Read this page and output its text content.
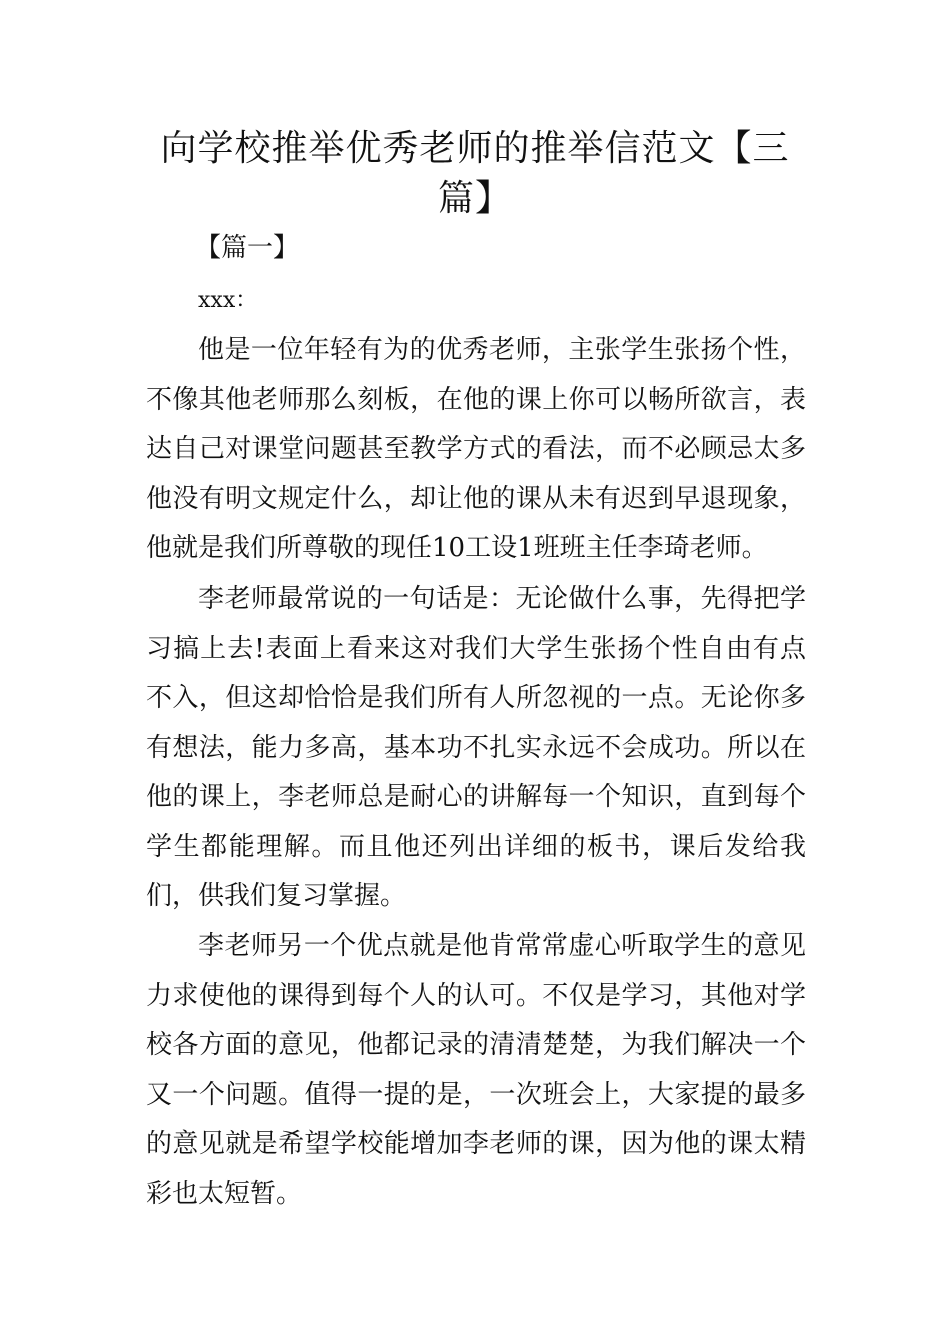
向学校推举优秀老师的推举信范文【三篇】

【篇一】

xxx：

他是一位年轻有为的优秀老师，主张学生张扬个性，不像其他老师那么刻板，在他的课上你可以畅所欲言，表达自己对课堂问题甚至教学方式的看法，而不必顾忌太多他没有明文规定什么，却让他的课从未有迟到早退现象，他就是我们所尊敬的现任10工设1班班主任李琦老师。

李老师最常说的一句话是：无论做什么事，先得把学习搞上去!表面上看来这对我们大学生张扬个性自由有点不入，但这却恰恰是我们所有人所忽视的一点。无论你多有想法，能力多高，基本功不扎实永远不会成功。所以在他的课上，李老师总是耐心的讲解每一个知识，直到每个学生都能理解。而且他还列出详细的板书，课后发给我们，供我们复习掌握。

李老师另一个优点就是他肯常常虚心听取学生的意见力求使他的课得到每个人的认可。不仅是学习，其他对学校各方面的意见，他都记录的清清楚楚，为我们解决一个又一个问题。值得一提的是，一次班会上，大家提的最多的意见就是希望学校能增加李老师的课，因为他的课太精彩也太短暂。
